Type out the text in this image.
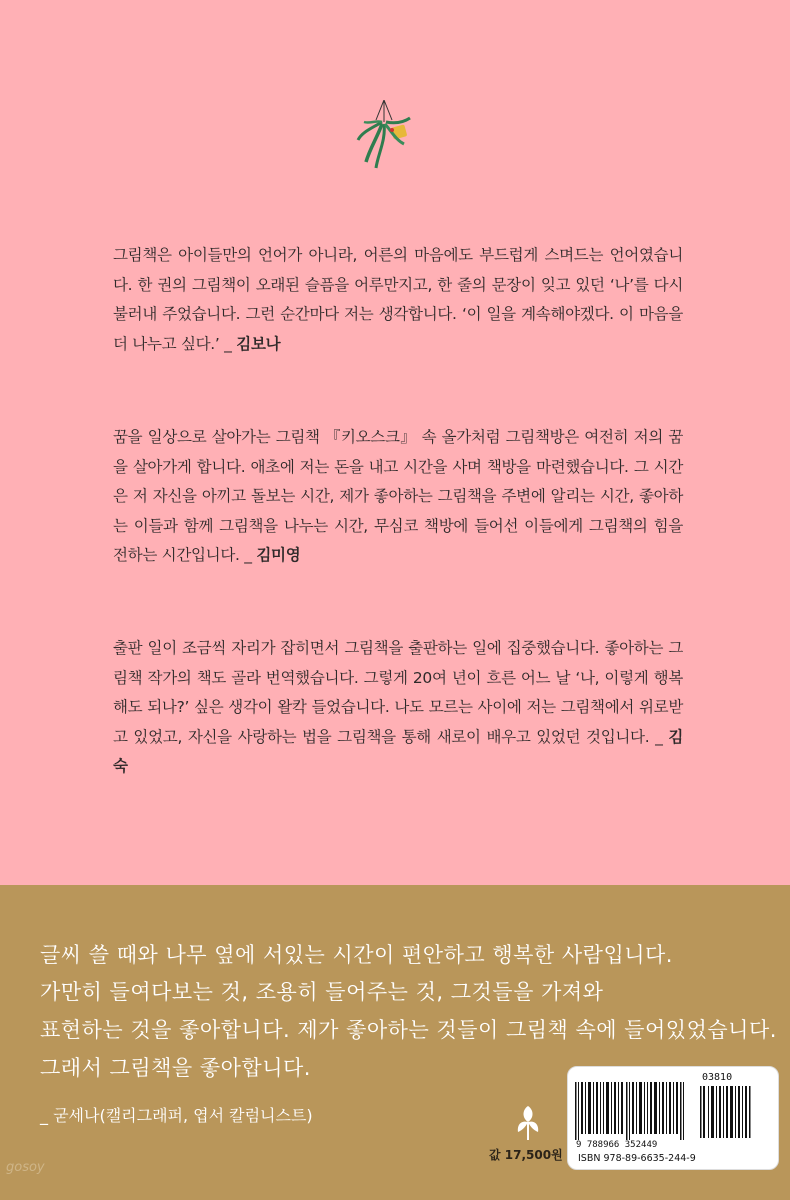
그림책은 아이들만의 언어가 아니라, 어른의 마음에도 부드럽게 스며드는 언어였습니다. 한 권의 그림책이 오래된 슬픔을 어루만지고, 한 줄의 문장이 잊고 있던 ‘나’를 다시 불러내 주었습니다. 그런 순간마다 저는 생각합니다. ‘이 일을 계속해야겠다. 이 마음을 더 나누고 싶다.’ _ 김보나

꿈을 일상으로 살아가는 그림책 『키오스크』 속 올가처럼 그림책방은 여전히 저의 꿈을 살아가게 합니다. 애초에 저는 돈을 내고 시간을 사며 책방을 마련했습니다. 그 시간은 저 자신을 아끼고 돌보는 시간, 제가 좋아하는 그림책을 주변에 알리는 시간, 좋아하는 이들과 함께 그림책을 나누는 시간, 무심코 책방에 들어선 이들에게 그림책의 힘을 전하는 시간입니다. _ 김미영

출판 일이 조금씩 자리가 잡히면서 그림책을 출판하는 일에 집중했습니다. 좋아하는 그림책 작가의 책도 골라 번역했습니다. 그렇게 20여 년이 흐른 어느 날 ‘나, 이렇게 행복해도 되나?’ 싶은 생각이 왈칵 들었습니다. 나도 모르는 사이에 저는 그림책에서 위로받고 있었고, 자신을 사랑하는 법을 그림책을 통해 새로이 배우고 있었던 것입니다. _ 김숙

글씨 쓸 때와 나무 옆에 서있는 시간이 편안하고 행복한 사람입니다.
가만히 들여다보는 것, 조용히 들어주는 것, 그것들을 가져와
표현하는 것을 좋아합니다. 제가 좋아하는 것들이 그림책 속에 들어있었습니다.
그래서 그림책을 좋아합니다.
_ 굳세나(캘리그래퍼, 엽서 칼럼니스트)
gosoy
값 17,500원
03810
9 788966 352449
ISBN 978-89-6635-244-9
